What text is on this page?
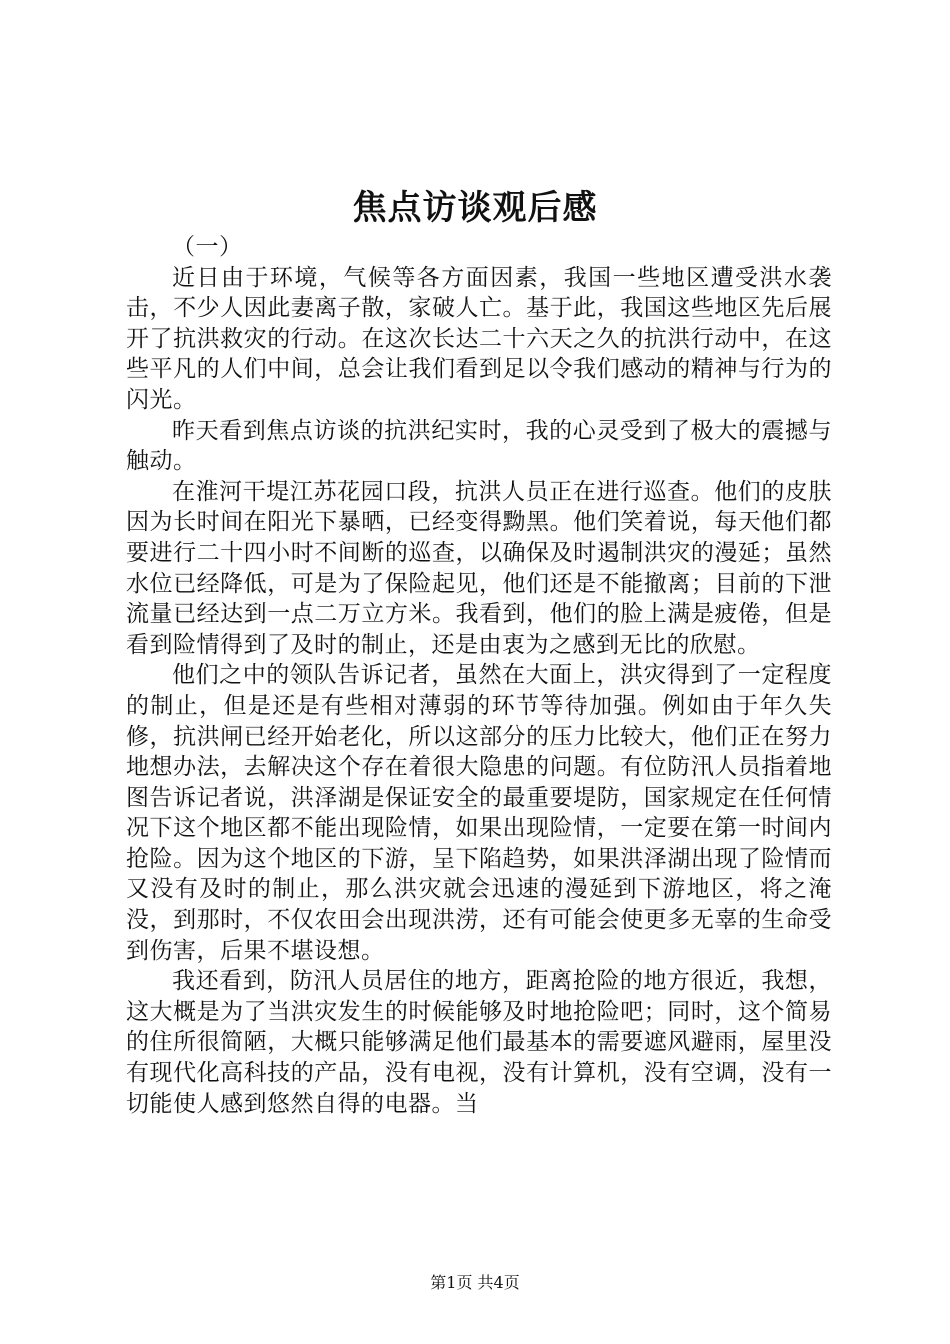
焦点访谈观后感

（一）

近日由于环境，气候等各方面因素，我国一些地区遭受洪水袭击，不少人因此妻离子散，家破人亡。基于此，我国这些地区先后展开了抗洪救灾的行动。在这次长达二十六天之久的抗洪行动中，在这些平凡的人们中间，总会让我们看到足以令我们感动的精神与行为的闪光。

昨天看到焦点访谈的抗洪纪实时，我的心灵受到了极大的震撼与触动。

在淮河干堤江苏花园口段，抗洪人员正在进行巡查。他们的皮肤因为长时间在阳光下暴晒，已经变得黝黑。他们笑着说，每天他们都要进行二十四小时不间断的巡查，以确保及时遏制洪灾的漫延；虽然水位已经降低，可是为了保险起见，他们还是不能撤离；目前的下泄流量已经达到一点二万立方米。我看到，他们的脸上满是疲倦，但是看到险情得到了及时的制止，还是由衷为之感到无比的欣慰。

他们之中的领队告诉记者，虽然在大面上，洪灾得到了一定程度的制止，但是还是有些相对薄弱的环节等待加强。例如由于年久失修，抗洪闸已经开始老化，所以这部分的压力比较大，他们正在努力地想办法，去解决这个存在着很大隐患的问题。有位防汛人员指着地图告诉记者说，洪泽湖是保证安全的最重要堤防，国家规定在任何情况下这个地区都不能出现险情，如果出现险情，一定要在第一时间内抢险。因为这个地区的下游，呈下陷趋势，如果洪泽湖出现了险情而又没有及时的制止，那么洪灾就会迅速的漫延到下游地区，将之淹没，到那时，不仅农田会出现洪涝，还有可能会使更多无辜的生命受到伤害，后果不堪设想。

我还看到，防汛人员居住的地方，距离抢险的地方很近，我想，这大概是为了当洪灾发生的时候能够及时地抢险吧；同时，这个简易的住所很简陋，大概只能够满足他们最基本的需要遮风避雨，屋里没有现代化高科技的产品，没有电视，没有计算机，没有空调，没有一切能使人感到悠然自得的电器。当

第1页 共4页
